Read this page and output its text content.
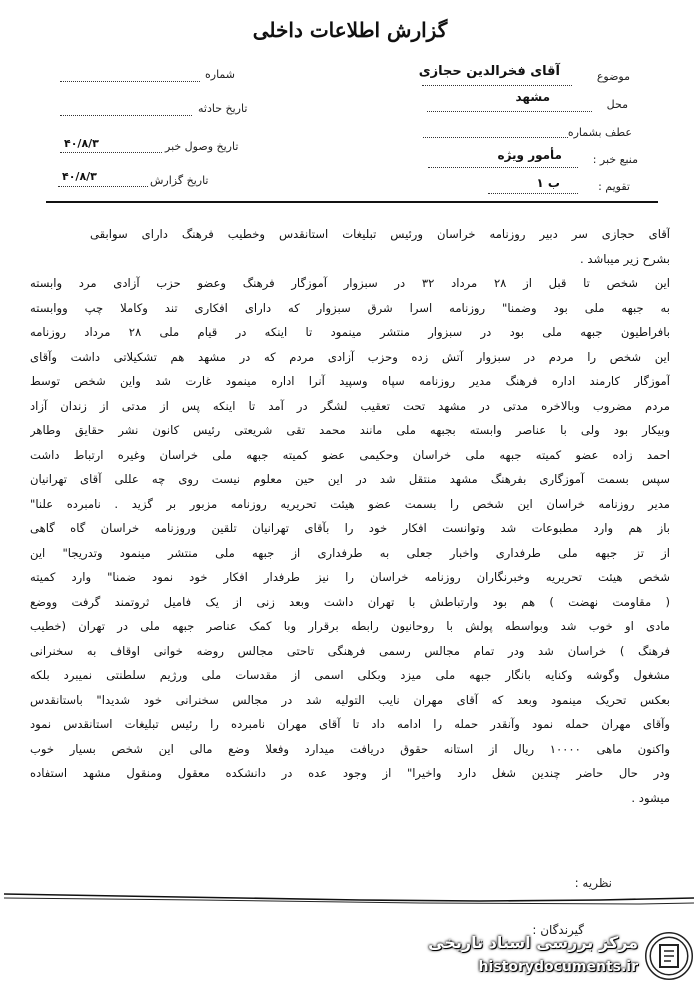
گزارش اطلاعات داخلی
موضوع
آقای فخرالدین حجازی
محل
مشهد
عطف بشماره
منبع خبر :
مأمور ویژه
تقویم :
ب ۱
شماره
تاریخ حادثه
تاریخ وصول خبر
۴۰/۸/۳
تاریخ گزارش
۴۰/۸/۳
آقای حجازی سر دبیر روزنامه خراسان ورئیس تبلیغات استانقدس وخطیب فرهنگ دارای سوابقی
بشرح زیر میباشد .
این شخص تا قبل از ۲۸ مرداد ۳۲ در سبزوار آموزگار فرهنگ وعضو حزب آزادی مرد وابسته
به جبهه ملی بود وضمنا" روزنامه اسرا شرق سبزوار که دارای افکاری تند وکاملا چپ ووابسته
بافراطیون جبهه ملی بود در سبزوار منتشر مینمود تا اینکه در قیام ملی ۲۸ مرداد روزنامه
این شخص را مردم در سبزوار آتش زده وحزب آزادی مردم که در مشهد هم تشکیلاتی داشت وآقای
آموزگار کارمند اداره فرهنگ مدیر روزنامه سپاه وسپید آنرا اداره مینمود غارت شد واین شخص توسط
مردم مضروب وبالاخره مدتی در مشهد تحت تعقیب لشگر در آمد تا اینکه پس از مدتی از زندان آزاد
وبیکار بود ولی با عناصر وابسته بجبهه ملی مانند محمد تقی شریعتی رئیس کانون نشر حقایق وطاهر
احمد زاده عضو کمیته جبهه ملی خراسان وحکیمی عضو کمیته جبهه ملی خراسان وغیره ارتباط داشت
سپس بسمت آموزگاری بفرهنگ مشهد منتقل شد در این حین معلوم نیست روی چه عللی آقای تهرانیان
مدیر روزنامه خراسان این شخص را بسمت عضو هیئت تحریریه روزنامه مزبور بر گزید . نامبرده علنا"
باز هم وارد مطبوعات شد وتوانست افکار خود را بآقای تهرانیان تلقین وروزنامه خراسان گاه گاهی
از تز جبهه ملی طرفداری واخبار جعلی به طرفداری از جبهه ملی منتشر مینمود وتدریجا" این
شخص هیئت تحریریه وخبرنگاران روزنامه خراسان را نیز طرفدار افکار خود نمود ضمنا" وارد کمیته
( مقاومت نهضت ) هم بود وارتباطش با تهران داشت وبعد زنی از یک فامیل ثروتمند گرفت ووضع
مادی او خوب شد وبواسطه پولش با روحانیون رابطه برقرار وبا کمک عناصر جبهه ملی در تهران (خطیب
فرهنگ ) خراسان شد ودر تمام مجالس رسمی فرهنگی تاحتی مجالس روضه خوانی اوقاف به سخنرانی
مشغول وگوشه وکنایه بانگار جبهه ملی میزد وبکلی اسمی از مقدسات ملی ورژیم سلطنتی نمیبرد بلکه
بعکس تحریک مینمود وبعد که آقای مهران نایب التولیه شد در مجالس سخنرانی خود شدیدا" باستانقدس
وآقای مهران حمله نمود وآنقدر حمله را ادامه داد تا آقای مهران نامبرده را رئیس تبلیغات استانقدس نمود
واکنون ماهی ۱۰۰۰۰ ریال از استانه حقوق دریافت میدارد وفعلا وضع مالی این شخص بسیار خوب
ودر حال حاضر چندین شغل دارد واخیرا" از وجود عده در دانشکده معقول ومنقول مشهد استفاده
میشود .
نظریه :
گیرندگان :
مرکز بررسی اسناد تاریخی
historydocuments.ir
